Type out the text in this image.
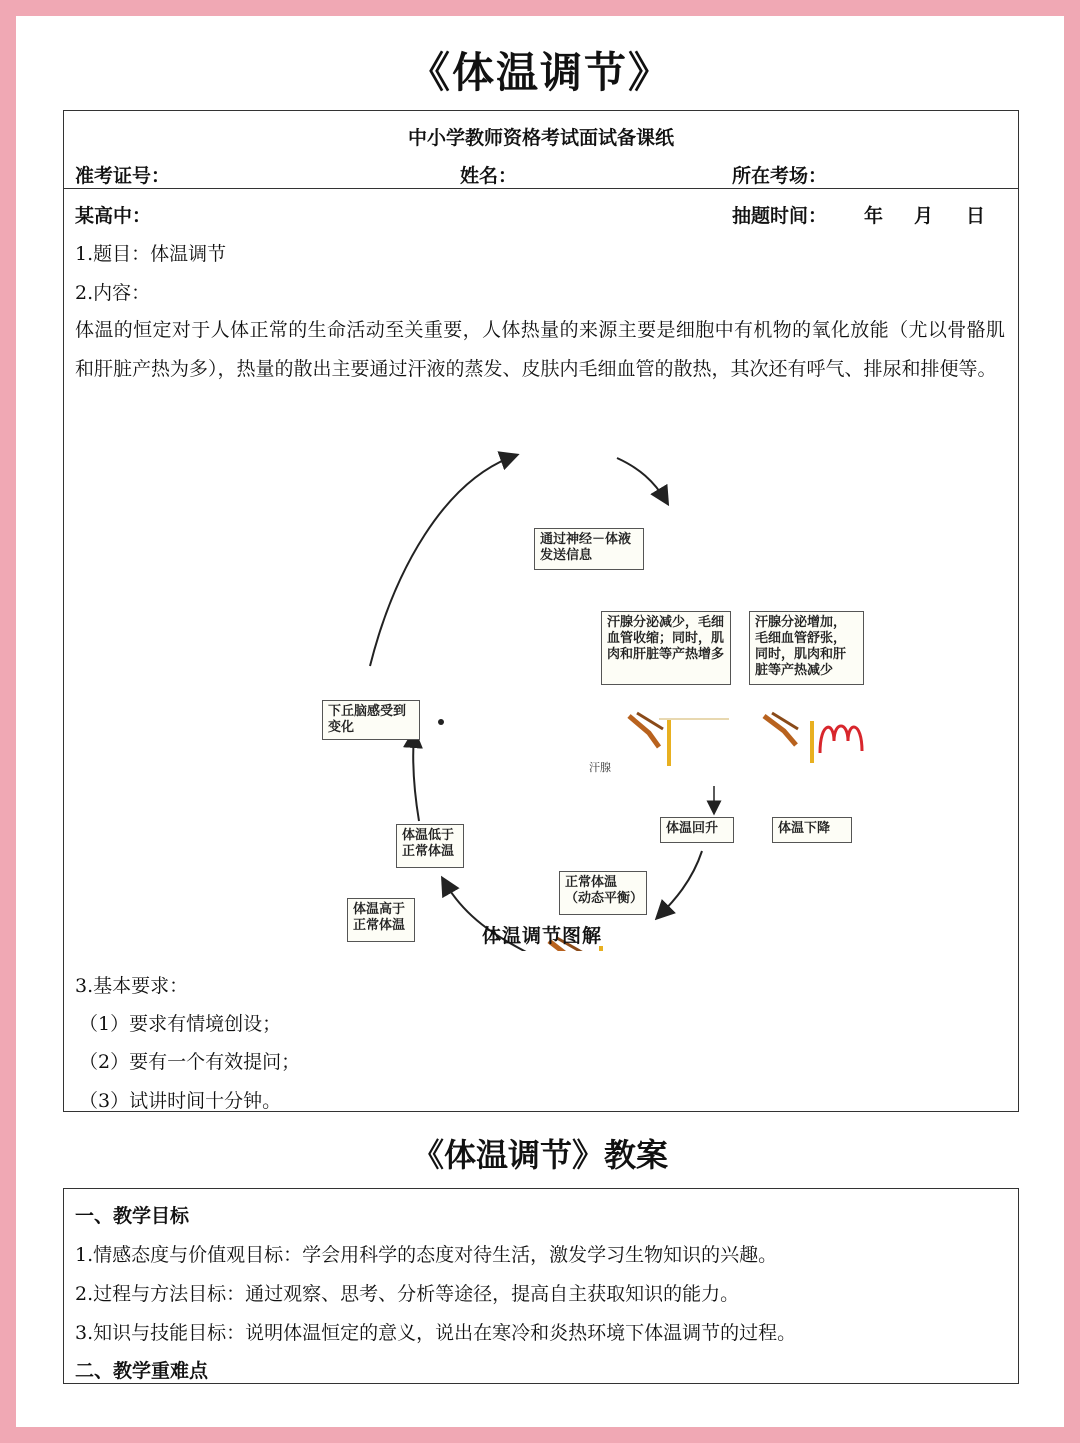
《体温调节》
中小学教师资格考试面试备课纸
准考证号：	姓名：	所在考场：
某高中：	抽题时间： 年 月 日
1.题目：体温调节
2.内容：
体温的恒定对于人体正常的生命活动至关重要，人体热量的来源主要是细胞中有机物的氧化放能（尤以骨骼肌和肝脏产热为多），热量的散出主要通过汗液的蒸发、皮肤内毛细血管的散热，其次还有呼气、排尿和排便等。
通过神经－体液发送信息
汗腺分泌减少，毛细血管收缩；同时，肌肉和肝脏等产热增多
汗腺分泌增加，毛细血管舒张，同时，肌肉和肝脏等产热减少
下丘脑感受到变化
汗腺
体温回升	体温下降
体温低于正常体温
正常体温（动态平衡）
体温高于正常体温	体温调节图解
3.基本要求：
（1）要求有情境创设；
（2）要有一个有效提问；
（3）试讲时间十分钟。
《体温调节》教案
一、教学目标
1.情感态度与价值观目标：学会用科学的态度对待生活，激发学习生物知识的兴趣。
2.过程与方法目标：通过观察、思考、分析等途径，提高自主获取知识的能力。
3.知识与技能目标：说明体温恒定的意义，说出在寒冷和炎热环境下体温调节的过程。
二、教学重难点
